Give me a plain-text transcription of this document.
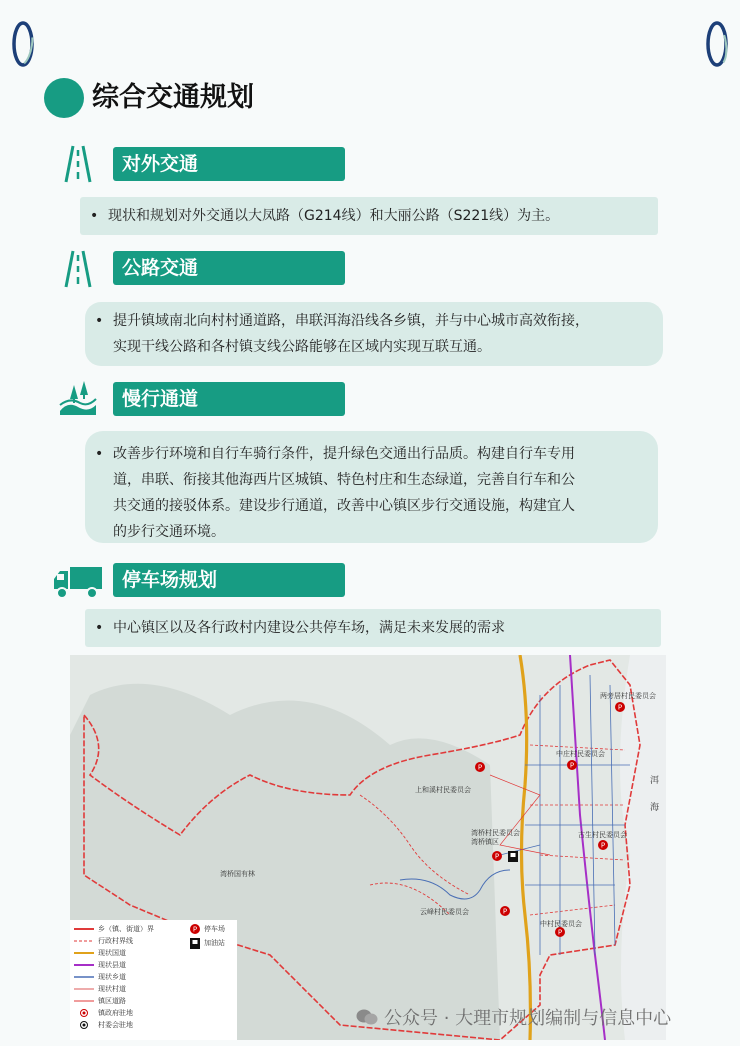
综合交通规划
对外交通
• 现状和规划对外交通以大凤路（G214线）和大丽公路（S221线）为主。
公路交通
• 提升镇域南北向村村通道路，串联洱海沿线各乡镇，并与中心城市高效衔接，
实现干线公路和各村镇支线公路能够在区域内实现互联互通。
慢行通道
• 改善步行环境和自行车骑行条件，提升绿色交通出行品质。构建自行车专用
道，串联、衔接其他海西片区城镇、特色村庄和生态绿道，完善自行车和公
共交通的接驳体系。建设步行通道，改善中心镇区步行交通设施，构建宜人
的步行交通环境。
停车场规划
• 中心镇区以及各行政村内建设公共停车场，满足未来发展的需求
P
P	P
P
P
P
P
两旁居村民委员会
中庄村民委员会
上和溪村民委员会
洱
海
湾桥村民委员会
湾桥镇区
古生村民委员会
湾桥国有林
云峰村民委员会
中村民委员会
乡（镇、街道）界
行政村界线
现状国道
现状县道
现状乡道
现状村道
镇区道路
镇政府驻地
村委会驻地
P 停车场
加油站
公众号 · 大理市规划编制与信息中心
